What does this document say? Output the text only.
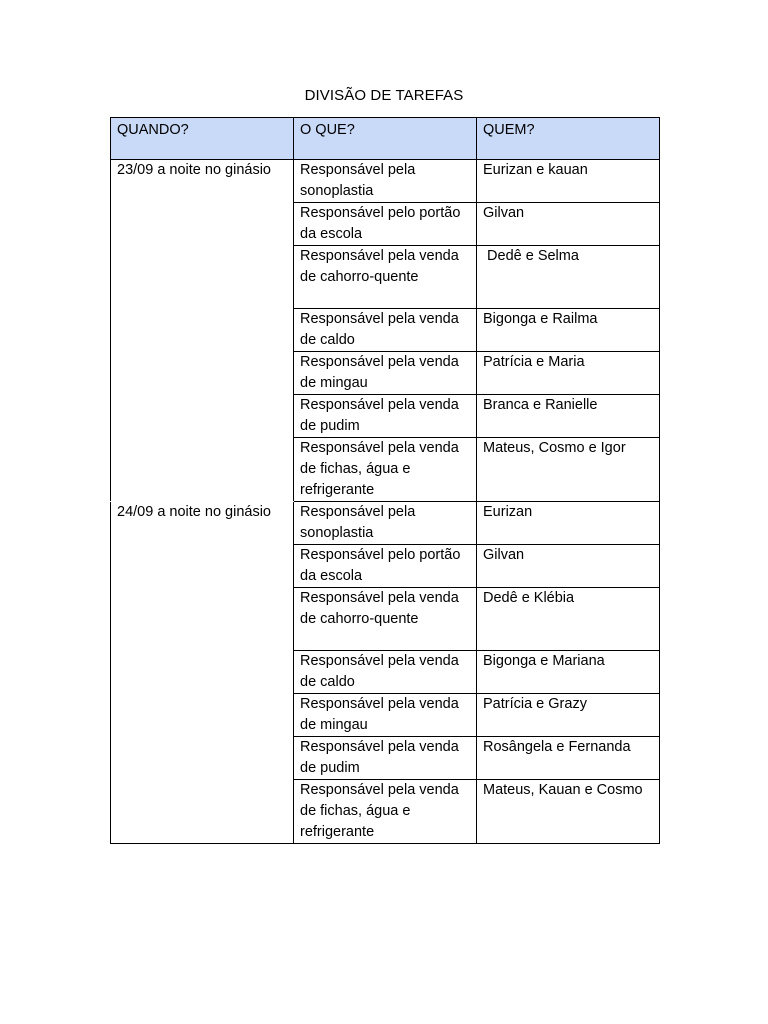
DIVISÃO DE TAREFAS
QUANDO?	O QUE?	QUEM?
23/09 a noite no ginásio	Responsável pela sonoplastia	Eurizan e kauan
	Responsável pelo portão da escola	Gilvan
	Responsável pela venda de cahorro-quente	Dedê e Selma
	Responsável pela venda de caldo	Bigonga e Railma
	Responsável pela venda de mingau	Patrícia e Maria
	Responsável pela venda de pudim	Branca e Ranielle
	Responsável pela venda de fichas, água e refrigerante	Mateus, Cosmo e Igor
24/09 a noite no ginásio	Responsável pela sonoplastia	Eurizan
	Responsável pelo portão da escola	Gilvan
	Responsável pela venda de cahorro-quente	Dedê e Klébia
	Responsável pela venda de caldo	Bigonga e Mariana
	Responsável pela venda de mingau	Patrícia e Grazy
	Responsável pela venda de pudim	Rosângela e Fernanda
	Responsável pela venda de fichas, água e refrigerante	Mateus, Kauan e Cosmo
